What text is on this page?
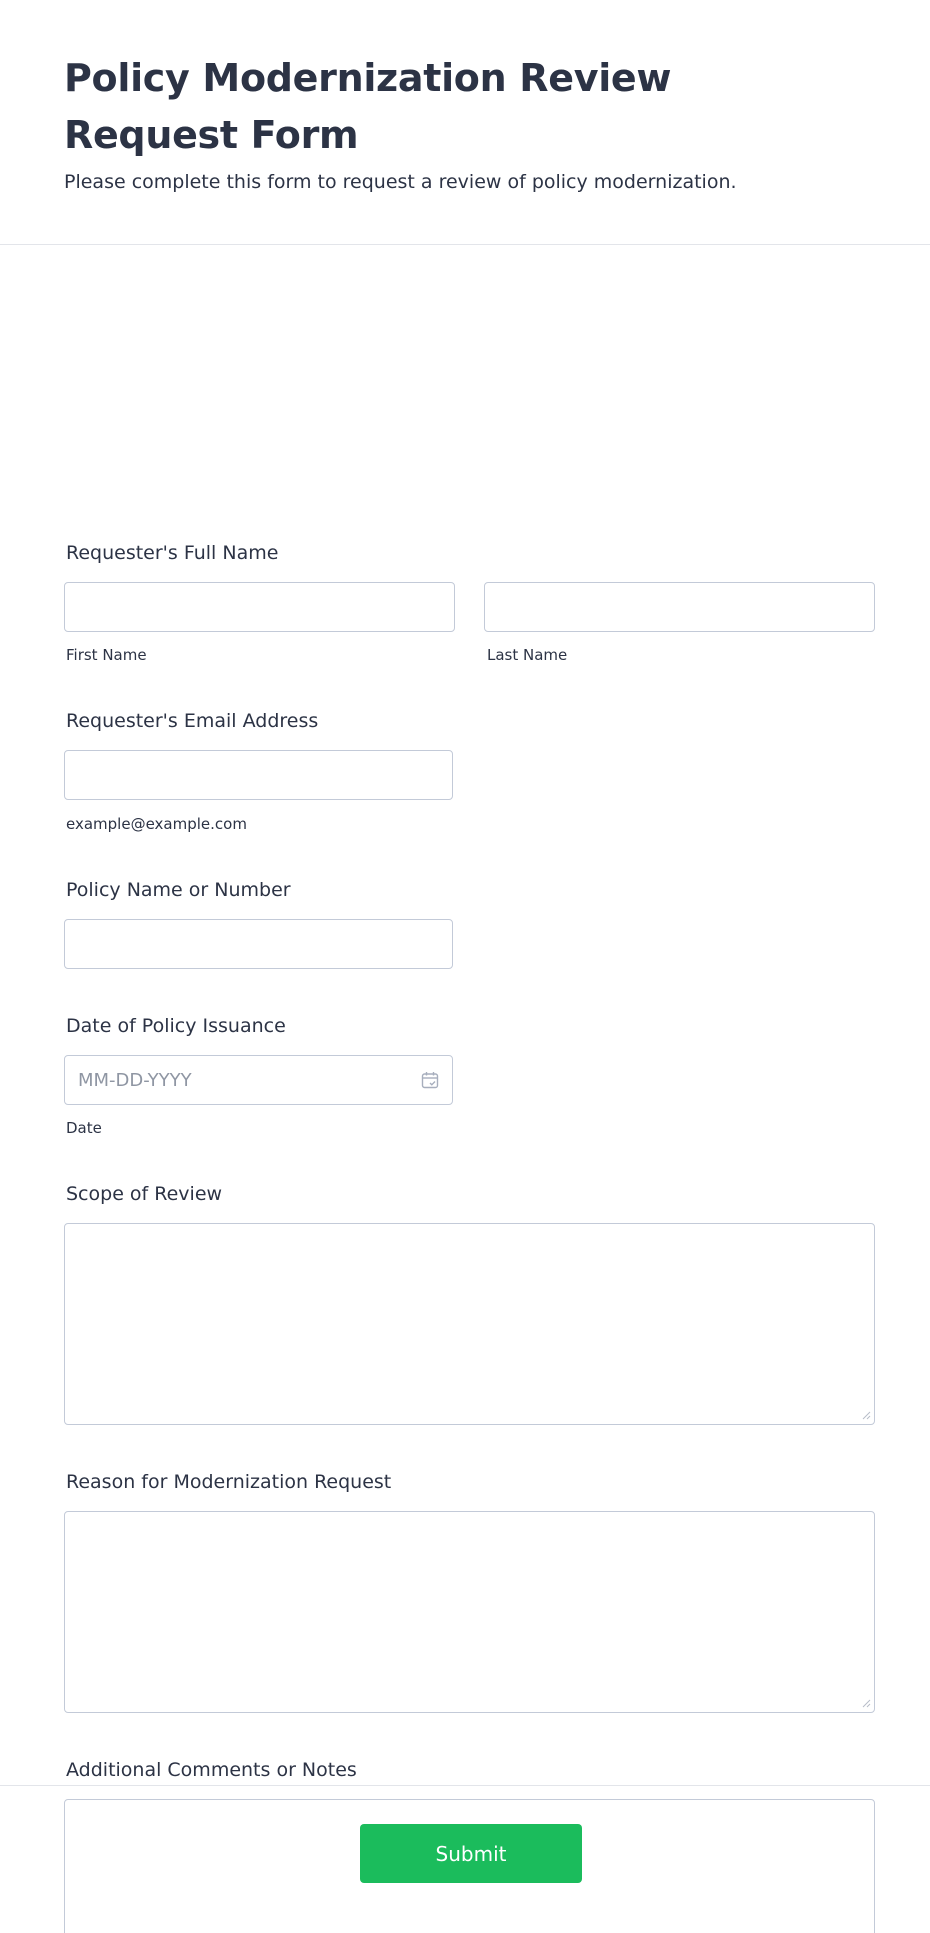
Policy Modernization Review Request Form

Please complete this form to request a review of policy modernization.

Requester's Full Name
First Name	Last Name
Requester's Email Address
example@example.com
Policy Name or Number
Date of Policy Issuance
MM-DD-YYYY
Date
Scope of Review
Reason for Modernization Request
Additional Comments or Notes
Submit
